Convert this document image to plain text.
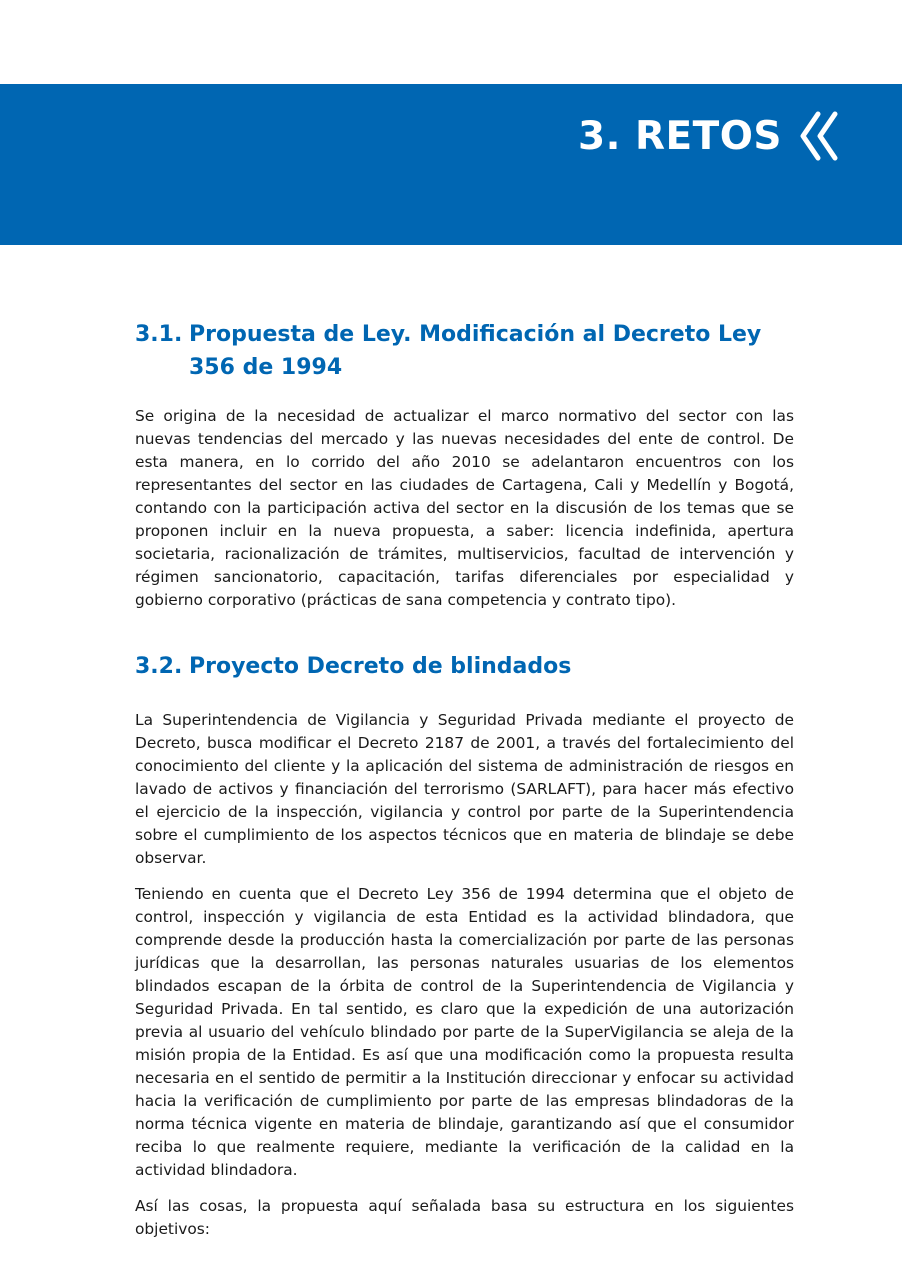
3. RETOS
3.1. Propuesta de Ley. Modificación al Decreto Ley 356 de 1994

Se origina de la necesidad de actualizar el marco normativo del sector con las nuevas tendencias del mercado y las nuevas necesidades del ente de control. De esta manera, en lo corrido del año 2010 se adelantaron encuentros con los representantes del sector en las ciudades de Cartagena, Cali y Medellín y Bogotá, contando con la participación activa del sector en la discusión de los temas que se proponen incluir en la nueva propuesta, a saber: licencia indefinida, apertura societaria, racionalización de trámites, multiservicios, facultad de intervención y régimen sancionatorio, capacitación, tarifas diferenciales por especialidad y gobierno corporativo (prácticas de sana competencia y contrato tipo).

3.2. Proyecto Decreto de blindados

La Superintendencia de Vigilancia y Seguridad Privada mediante el proyecto de Decreto, busca modificar el Decreto 2187 de 2001, a través del fortalecimiento del conocimiento del cliente y la aplicación del sistema de administración de riesgos en lavado de activos y financiación del terrorismo (SARLAFT), para hacer más efectivo el ejercicio de la inspección, vigilancia y control por parte de la Superintendencia sobre el cumplimiento de los aspectos técnicos que en materia de blindaje se debe observar.

Teniendo en cuenta que el Decreto Ley 356 de 1994 determina que el objeto de control, inspección y vigilancia de esta Entidad es la actividad blindadora, que comprende desde la producción hasta la comercialización por parte de las personas jurídicas que la desarrollan, las personas naturales usuarias de los elementos blindados escapan de la órbita de control de la Superintendencia de Vigilancia y Seguridad Privada. En tal sentido, es claro que la expedición de una autorización previa al usuario del vehículo blindado por parte de la SuperVigilancia se aleja de la misión propia de la Entidad. Es así que una modificación como la propuesta resulta necesaria en el sentido de permitir a la Institución direccionar y enfocar su actividad hacia la verificación de cumplimiento por parte de las empresas blindadoras de la norma técnica vigente en materia de blindaje, garantizando así que el consumidor reciba lo que realmente requiere, mediante la verificación de la calidad en la actividad blindadora.

Así las cosas, la propuesta aquí señalada basa su estructura en los siguientes objetivos:
